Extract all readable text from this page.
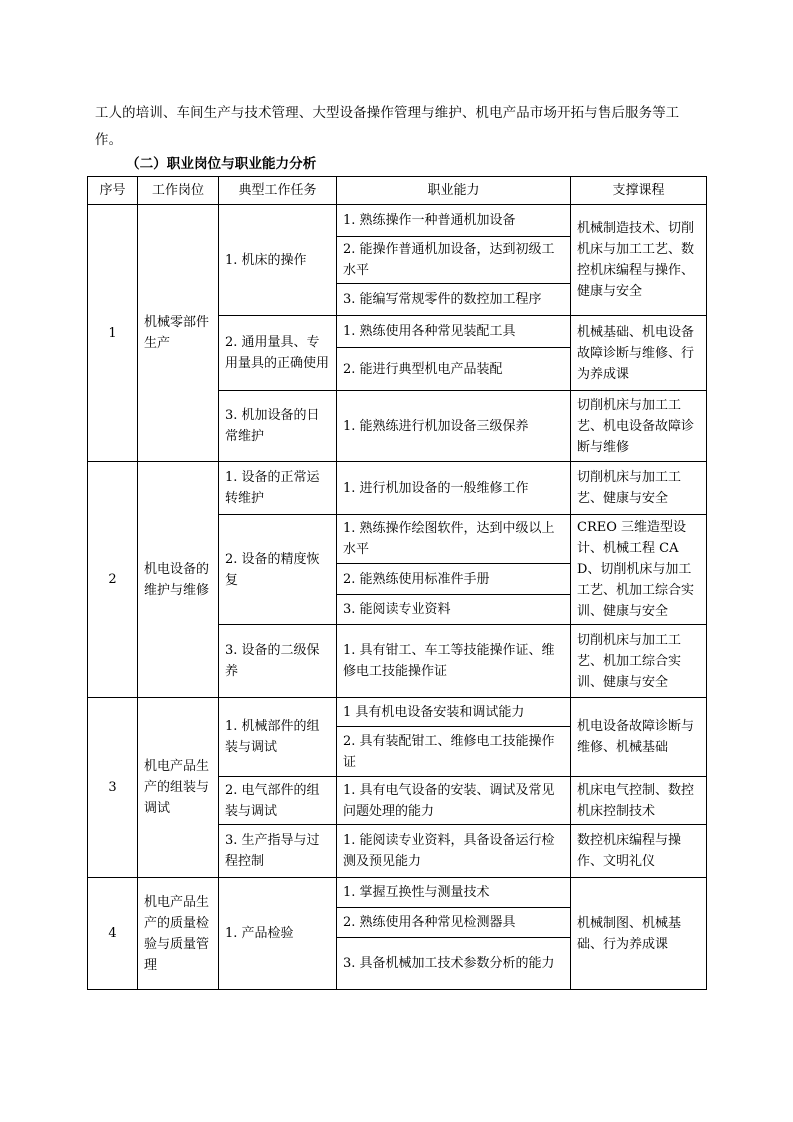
工人的培训、车间生产与技术管理、大型设备操作管理与维护、机电产品市场开拓与售后服务等工作。

（二）职业岗位与职业能力分析

序号	工作岗位	典型工作任务	职业能力	支撑课程
1	机械零部件生产	1. 机床的操作	1. 熟练操作一种普通机加设备	机械制造技术、切削机床与加工工艺、数控机床编程与操作、健康与安全
			2. 能操作普通机加设备，达到初级工水平	
			3. 能编写常规零件的数控加工程序	
		2. 通用量具、专用量具的正确使用	1. 熟练使用各种常见装配工具	机械基础、机电设备故障诊断与维修、行为养成课
			2. 能进行典型机电产品装配	
		3. 机加设备的日常维护	1. 能熟练进行机加设备三级保养	切削机床与加工工艺、机电设备故障诊断与维修
2	机电设备的维护与维修	1. 设备的正常运转维护	1. 进行机加设备的一般维修工作	切削机床与加工工艺、健康与安全
		2. 设备的精度恢复	1. 熟练操作绘图软件，达到中级以上水平	CREO 三维造型设计、机械工程 CAD、切削机床与加工工艺、机加工综合实训、健康与安全
			2. 能熟练使用标准件手册	
			3. 能阅读专业资料	
		3. 设备的二级保养	1. 具有钳工、车工等技能操作证、维修电工技能操作证	切削机床与加工工艺、机加工综合实训、健康与安全
3	机电产品生产的组装与调试	1. 机械部件的组装与调试	1 具有机电设备安装和调试能力	机电设备故障诊断与维修、机械基础
			2. 具有装配钳工、维修电工技能操作证	
		2. 电气部件的组装与调试	1. 具有电气设备的安装、调试及常见问题处理的能力	机床电气控制、数控机床控制技术
		3. 生产指导与过程控制	1. 能阅读专业资料，具备设备运行检测及预见能力	数控机床编程与操作、文明礼仪
4	机电产品生产的质量检验与质量管理	1. 产品检验	1. 掌握互换性与测量技术	机械制图、机械基础、行为养成课
			2. 熟练使用各种常见检测器具	
			3. 具备机械加工技术参数分析的能力	
